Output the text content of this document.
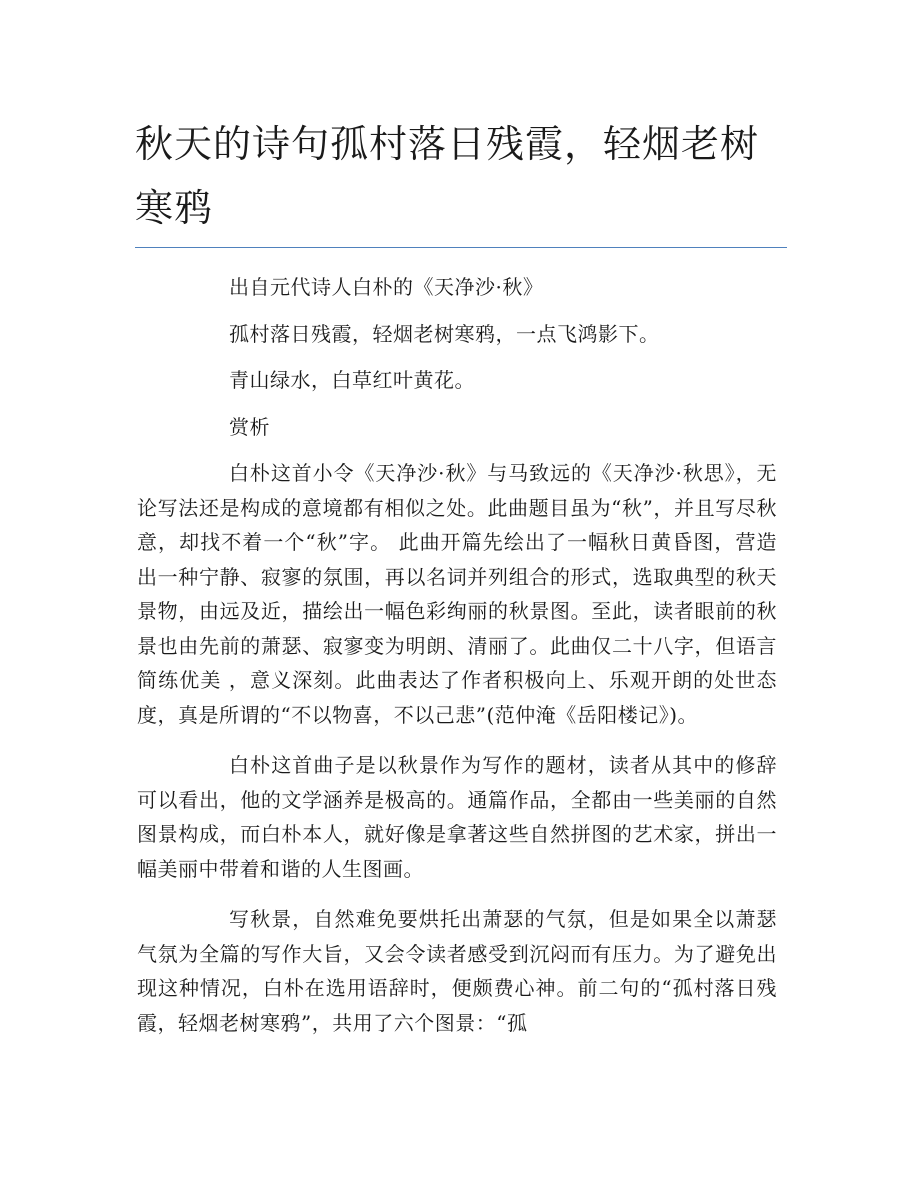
秋天的诗句孤村落日残霞，轻烟老树寒鸦

出自元代诗人白朴的《天净沙·秋》

孤村落日残霞，轻烟老树寒鸦，一点飞鸿影下。

青山绿水，白草红叶黄花。

赏析

白朴这首小令《天净沙·秋》与马致远的《天净沙·秋思》，无论写法还是构成的意境都有相似之处。此曲题目虽为“秋”，并且写尽秋意，却找不着一个“秋”字。 此曲开篇先绘出了一幅秋日黄昏图，营造出一种宁静、寂寥的氛围，再以名词并列组合的形式，选取典型的秋天景物，由远及近，描绘出一幅色彩绚丽的秋景图。至此，读者眼前的秋景也由先前的萧瑟、寂寥变为明朗、清丽了。此曲仅二十八字，但语言简练优美 ，意义深刻。此曲表达了作者积极向上、乐观开朗的处世态度，真是所谓的“不以物喜，不以己悲”(范仲淹《岳阳楼记》)。

白朴这首曲子是以秋景作为写作的题材，读者从其中的修辞可以看出，他的文学涵养是极高的。通篇作品，全都由一些美丽的自然图景构成，而白朴本人，就好像是拿著这些自然拼图的艺术家，拼出一幅美丽中带着和谐的人生图画。

写秋景，自然难免要烘托出萧瑟的气氛，但是如果全以萧瑟气氛为全篇的写作大旨，又会令读者感受到沉闷而有压力。为了避免出现这种情况，白朴在选用语辞时，便颇费心神。前二句的“孤村落日残霞，轻烟老树寒鸦”，共用了六个图景：“孤
